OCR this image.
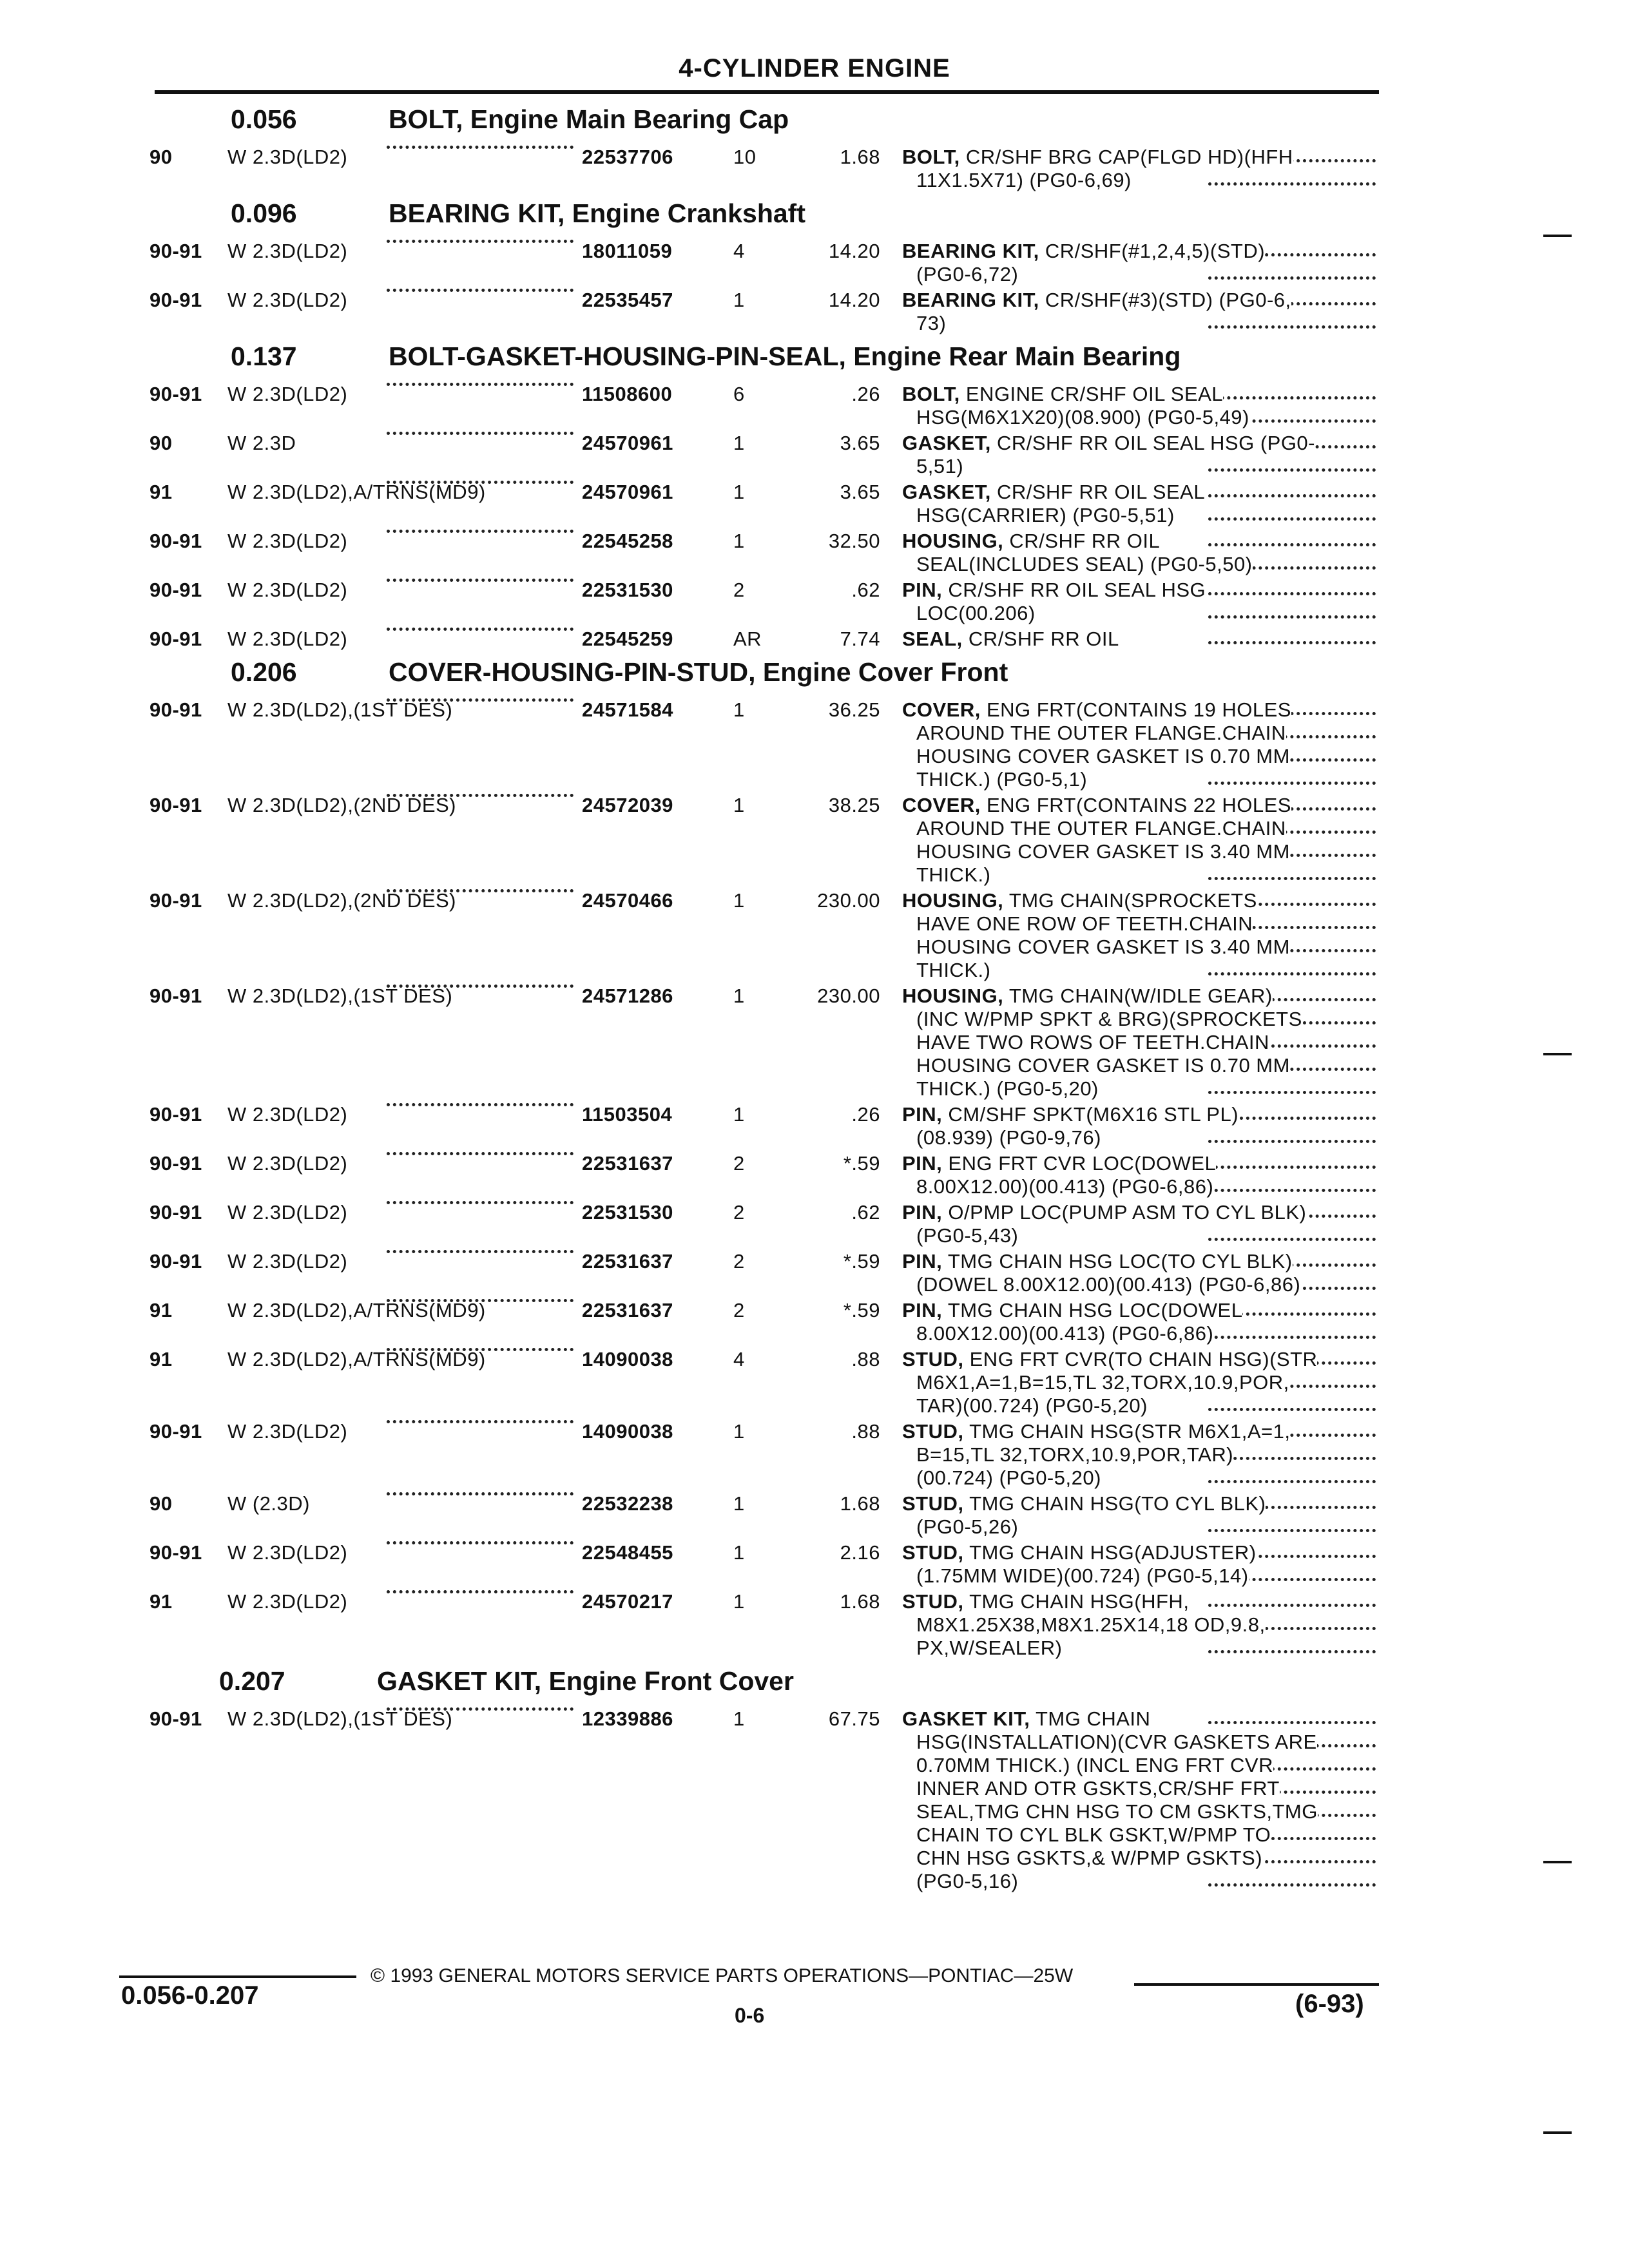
4-CYLINDER ENGINE
0.056	BOLT, Engine Main Bearing Cap
90	W 2.3D(LD2)	22537706	10	1.68 BOLT, CR/SHF BRG CAP(FLGD HD)(HFH
11X1.5X71) (PG0-6,69)
0.096	BEARING KIT, Engine Crankshaft
90-91 W 2.3D(LD2)	18011059	4	14.20 BEARING KIT, CR/SHF(#1,2,4,5)(STD)
(PG0-6,72)
90-91 W 2.3D(LD2)	22535457	1	14.20 BEARING KIT, CR/SHF(#3)(STD) (PG0-6,
73)
0.137	BOLT-GASKET-HOUSING-PIN-SEAL, Engine Rear Main Bearing
90-91 W 2.3D(LD2)	11508600	6	.26 BOLT, ENGINE CR/SHF OIL SEAL
HSG(M6X1X20)(08.900) (PG0-5,49)
90	W 2.3D	24570961	1	3.65 GASKET, CR/SHF RR OIL SEAL HSG (PG0-
5,51)
91	W 2.3D(LD2),A/TRNS(MD9)	24570961	1	3.65 GASKET, CR/SHF RR OIL SEAL
HSG(CARRIER) (PG0-5,51)
90-91 W 2.3D(LD2)	22545258	1	32.50 HOUSING, CR/SHF RR OIL
SEAL(INCLUDES SEAL) (PG0-5,50)
90-91 W 2.3D(LD2)	22531530	2	.62 PIN, CR/SHF RR OIL SEAL HSG
LOC(00.206)
90-91 W 2.3D(LD2)	22545259	AR	7.74 SEAL, CR/SHF RR OIL
0.206	COVER-HOUSING-PIN-STUD, Engine Cover Front
90-91 W 2.3D(LD2),(1ST DES)	24571584	1	36.25 COVER, ENG FRT(CONTAINS 19 HOLES
AROUND THE OUTER FLANGE.CHAIN
HOUSING COVER GASKET IS 0.70 MM
THICK.) (PG0-5,1)
90-91 W 2.3D(LD2),(2ND DES)	24572039	1	38.25 COVER, ENG FRT(CONTAINS 22 HOLES
AROUND THE OUTER FLANGE.CHAIN
HOUSING COVER GASKET IS 3.40 MM
THICK.)
90-91 W 2.3D(LD2),(2ND DES)	24570466	1	230.00 HOUSING, TMG CHAIN(SPROCKETS
HAVE ONE ROW OF TEETH.CHAIN
HOUSING COVER GASKET IS 3.40 MM
THICK.)
90-91 W 2.3D(LD2),(1ST DES)	24571286	1	230.00 HOUSING, TMG CHAIN(W/IDLE GEAR)
(INC W/PMP SPKT & BRG)(SPROCKETS
HAVE TWO ROWS OF TEETH.CHAIN
HOUSING COVER GASKET IS 0.70 MM
THICK.) (PG0-5,20)
90-91 W 2.3D(LD2)	11503504	1	.26 PIN, CM/SHF SPKT(M6X16 STL PL)
(08.939) (PG0-9,76)
90-91 W 2.3D(LD2)	22531637	2	*.59 PIN, ENG FRT CVR LOC(DOWEL
8.00X12.00)(00.413) (PG0-6,86)
90-91 W 2.3D(LD2)	22531530	2	.62 PIN, O/PMP LOC(PUMP ASM TO CYL BLK)
(PG0-5,43)
90-91 W 2.3D(LD2)	22531637	2	*.59 PIN, TMG CHAIN HSG LOC(TO CYL BLK)
(DOWEL 8.00X12.00)(00.413) (PG0-6,86)
91	W 2.3D(LD2),A/TRNS(MD9)	22531637	2	*.59 PIN, TMG CHAIN HSG LOC(DOWEL
8.00X12.00)(00.413) (PG0-6,86)
91	W 2.3D(LD2),A/TRNS(MD9)	14090038	4	.88 STUD, ENG FRT CVR(TO CHAIN HSG)(STR
M6X1,A=1,B=15,TL 32,TORX,10.9,POR,
TAR)(00.724) (PG0-5,20)
90-91 W 2.3D(LD2)	14090038	1	.88 STUD, TMG CHAIN HSG(STR M6X1,A=1,
B=15,TL 32,TORX,10.9,POR,TAR)
(00.724) (PG0-5,20)
90	W (2.3D)	22532238	1	1.68 STUD, TMG CHAIN HSG(TO CYL BLK)
(PG0-5,26)
90-91 W 2.3D(LD2)	22548455	1	2.16 STUD, TMG CHAIN HSG(ADJUSTER)
(1.75MM WIDE)(00.724) (PG0-5,14)
91	W 2.3D(LD2)	24570217	1	1.68 STUD, TMG CHAIN HSG(HFH,
M8X1.25X38,M8X1.25X14,18 OD,9.8,
PX,W/SEALER)
0.207	GASKET KIT, Engine Front Cover
90-91 W 2.3D(LD2),(1ST DES)	12339886	1	67.75 GASKET KIT, TMG CHAIN
HSG(INSTALLATION)(CVR GASKETS ARE
0.70MM THICK.) (INCL ENG FRT CVR
INNER AND OTR GSKTS,CR/SHF FRT
SEAL,TMG CHN HSG TO CM GSKTS,TMG
CHAIN TO CYL BLK GSKT,W/PMP TO
CHN HSG GSKTS,& W/PMP GSKTS)
(PG0-5,16)
© 1993 GENERAL MOTORS SERVICE PARTS OPERATIONS—PONTIAC—25W
0.056-0.207
0-6	(6-93)
